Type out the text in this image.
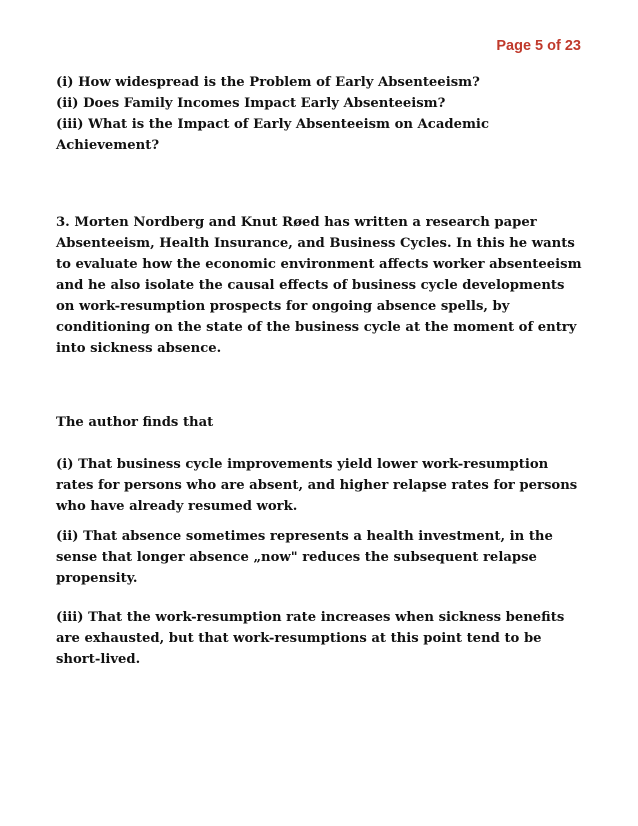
Page 5 of 23

(i) How widespread is the Problem of Early Absenteeism?

(ii) Does Family Incomes Impact Early Absenteeism?

(iii) What is the Impact of Early Absenteeism on Academic Achievement?

3. Morten Nordberg and Knut Røed has written a research paper Absenteeism, Health Insurance, and Business Cycles. In this he wants to evaluate how the economic environment affects worker absenteeism and he also isolate the causal effects of business cycle developments on work-resumption prospects for ongoing absence spells, by conditioning on the state of the business cycle at the moment of entry into sickness absence.

The author finds that

(i) That business cycle improvements yield lower work-resumption rates for persons who are absent, and higher relapse rates for persons who have already resumed work.

(ii) That absence sometimes represents a health investment, in the sense that longer absence „now" reduces the subsequent relapse propensity.

(iii) That the work-resumption rate increases when sickness benefits are exhausted, but that work-resumptions at this point tend to be short-lived.
